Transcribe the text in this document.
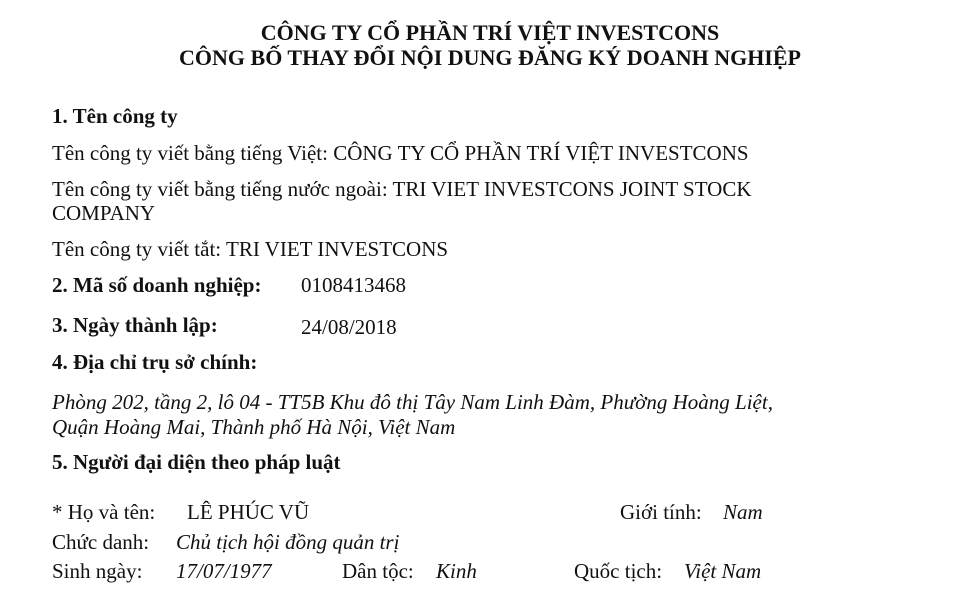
CÔNG TY CỔ PHẦN TRÍ VIỆT INVESTCONS
CÔNG BỐ THAY ĐỔI NỘI DUNG ĐĂNG KÝ DOANH NGHIỆP
1. Tên công ty
Tên công ty viết bằng tiếng Việt: CÔNG TY CỔ PHẦN TRÍ VIỆT INVESTCONS
Tên công ty viết bằng tiếng nước ngoài: TRI VIET INVESTCONS JOINT STOCK
COMPANY
Tên công ty viết tắt: TRI VIET INVESTCONS
2. Mã số doanh nghiệp: 0108413468
3. Ngày thành lập:	24/08/2018
4. Địa chỉ trụ sở chính:
Phòng 202, tầng 2, lô 04 - TT5B Khu đô thị Tây Nam Linh Đàm, Phường Hoàng Liệt,
Quận Hoàng Mai, Thành phố Hà Nội, Việt Nam
5. Người đại diện theo pháp luật
* Họ và tên: LÊ PHÚC VŨ	Giới tính: Nam
Chức danh: Chủ tịch hội đồng quản trị
Sinh ngày: 17/07/1977	Dân tộc: Kinh	Quốc tịch: Việt Nam
